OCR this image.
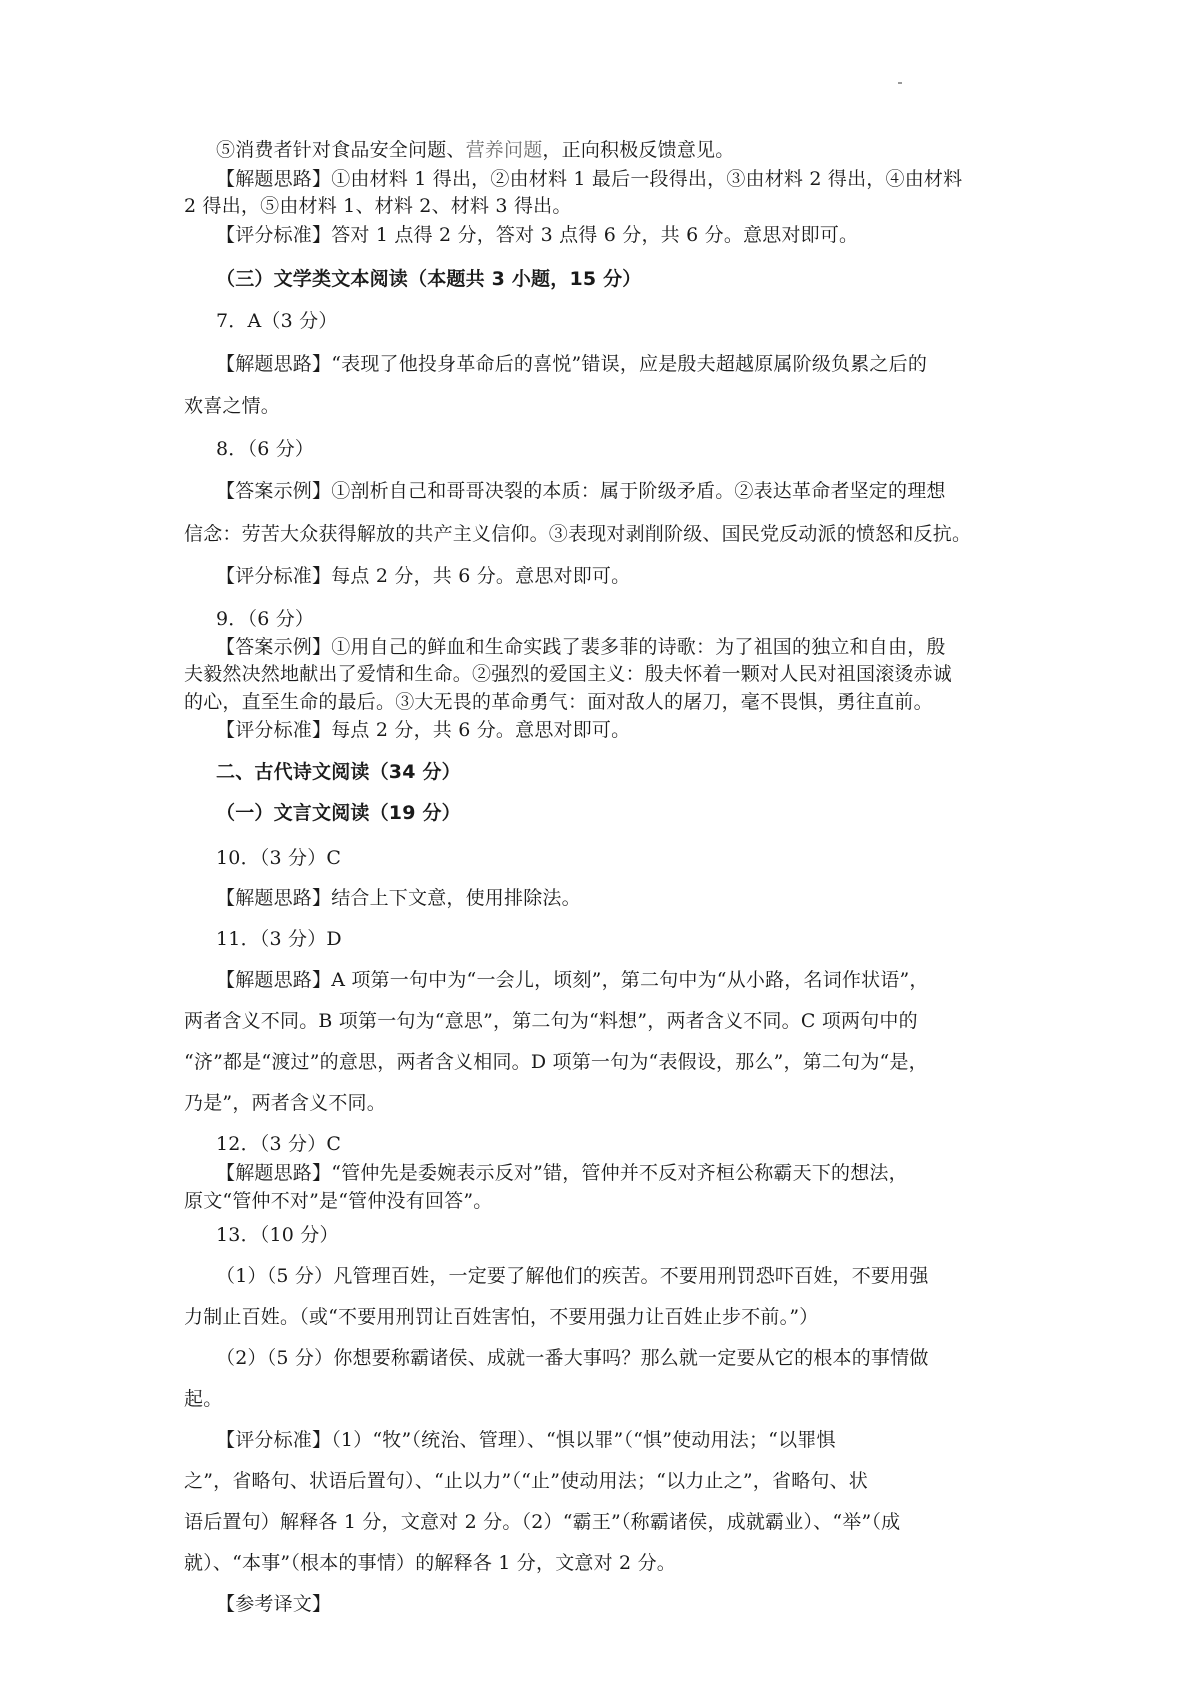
⑤消费者针对食品安全问题、营养问题，正向积极反馈意见。
【解题思路】①由材料 1 得出，②由材料 1 最后一段得出，③由材料 2 得出，④由材料
2 得出，⑤由材料 1、材料 2、材料 3 得出。
【评分标准】答对 1 点得 2 分，答对 3 点得 6 分，共 6 分。意思对即可。
（三）文学类文本阅读（本题共 3 小题，15 分）
7．A（3 分）
【解题思路】“表现了他投身革命后的喜悦”错误，应是殷夫超越原属阶级负累之后的
欢喜之情。
8．（6 分）
【答案示例】①剖析自己和哥哥决裂的本质：属于阶级矛盾。②表达革命者坚定的理想
信念：劳苦大众获得解放的共产主义信仰。③表现对剥削阶级、国民党反动派的愤怒和反抗。
【评分标准】每点 2 分，共 6 分。意思对即可。
9．（6 分）
【答案示例】①用自己的鲜血和生命实践了裴多菲的诗歌：为了祖国的独立和自由，殷
夫毅然决然地献出了爱情和生命。②强烈的爱国主义：殷夫怀着一颗对人民对祖国滚烫赤诚
的心，直至生命的最后。③大无畏的革命勇气：面对敌人的屠刀，毫不畏惧，勇往直前。
【评分标准】每点 2 分，共 6 分。意思对即可。
二、古代诗文阅读（34 分）
（一）文言文阅读（19 分）
10．（3 分）C
【解题思路】结合上下文意，使用排除法。
11．（3 分）D
【解题思路】A 项第一句中为“一会儿，顷刻”，第二句中为“从小路，名词作状语”，
两者含义不同。B 项第一句为“意思”，第二句为“料想”，两者含义不同。C 项两句中的
“济”都是“渡过”的意思，两者含义相同。D 项第一句为“表假设，那么”，第二句为“是，
乃是”，两者含义不同。
12．（3 分）C
【解题思路】“管仲先是委婉表示反对”错，管仲并不反对齐桓公称霸天下的想法，
原文“管仲不对”是“管仲没有回答”。
13．（10 分）
（1）（5 分）凡管理百姓，一定要了解他们的疾苦。不要用刑罚恐吓百姓，不要用强
力制止百姓。（或“不要用刑罚让百姓害怕，不要用强力让百姓止步不前。”）
（2）（5 分）你想要称霸诸侯、成就一番大事吗？那么就一定要从它的根本的事情做
起。
【评分标准】（1）“牧”（统治、管理）、“惧以罪”（“惧”使动用法；“以罪惧
之”，省略句、状语后置句）、“止以力”（“止”使动用法；“以力止之”，省略句、状
语后置句）解释各 1 分，文意对 2 分。（2）“霸王”（称霸诸侯，成就霸业）、“举”（成
就）、“本事”（根本的事情）的解释各 1 分，文意对 2 分。
【参考译文】
